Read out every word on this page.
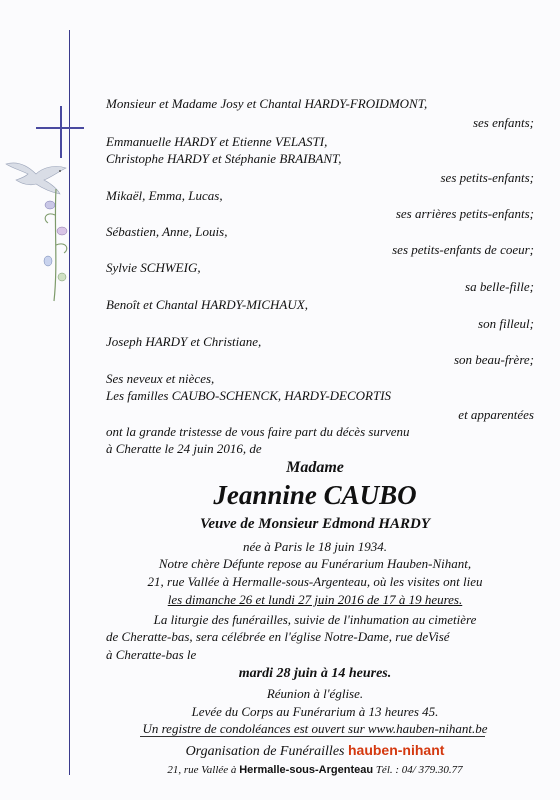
Monsieur et Madame Josy et Chantal HARDY-FROIDMONT,
ses enfants;
Emmanuelle HARDY et Etienne VELASTI,
Christophe HARDY et Stéphanie BRAIBANT,
ses petits-enfants;
Mikaël, Emma, Lucas,
ses arrières petits-enfants;
Sébastien, Anne, Louis,
ses petits-enfants de coeur;
Sylvie SCHWEIG,
sa belle-fille;
Benoît et Chantal HARDY-MICHAUX,
son filleul;
Joseph HARDY et Christiane,
son beau-frère;
Ses neveux et nièces,
Les familles CAUBO-SCHENCK, HARDY-DECORTIS
et apparentées
ont la grande tristesse de vous faire part du décès survenu
à Cheratte le 24 juin 2016, de
Madame
Jeannine CAUBO
Veuve de Monsieur Edmond HARDY
née à Paris le 18 juin 1934.
Notre chère Défunte repose au Funérarium Hauben-Nihant,
21, rue Vallée à Hermalle-sous-Argenteau, où les visites ont lieu
les dimanche 26 et lundi 27 juin 2016 de 17 à 19 heures.
La liturgie des funérailles, suivie de l'inhumation au cimetière
de Cheratte-bas, sera célébrée en l'église Notre-Dame, rue deVisé
à Cheratte-bas le
mardi 28 juin à 14 heures.
Réunion à l'église.
Levée du Corps au Funérarium à 13 heures 45.
Un registre de condoléances est ouvert sur www.hauben-nihant.be
Organisation de Funérailles hauben-nihant
21, rue Vallée à Hermalle-sous-Argenteau Tél. : 04/ 379.30.77
